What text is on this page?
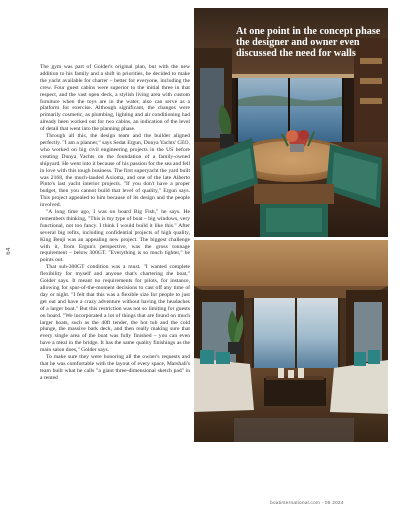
64

The gym was part of Golder's original plan, but with the new addition to his family and a shift in priorities, he decided to make the yacht available for charter – better for everyone, including the crew. Four guest cabins were superior to the initial three in that respect, and the vast open deck, a stylish living area with custom furniture when the toys are in the water, also can serve as a platform for exercise. Although significant, the changes were primarily cosmetic, as plumbing, lighting and air conditioning had already been worked out for two cabins, an indication of the level of detail that went into the planning phase.

Through all this, the design team and the builder aligned perfectly. "I am a planner," says Sedat Ergun, Dunya Yachts' CEO, who worked on big civil engineering projects in the US before creating Dunya Yachts on the foundation of a family-owned shipyard. He went into it because of his passion for the sea and fell in love with this tough business. The first superyacht the yard built was 2168, the much-lauded Axioma, and one of the late Alberto Pinto's last yacht interior projects. "If you don't have a proper budget, then you cannot build that level of quality," Ergun says. This project appealed to him because of its design and the people involved.

"A long time ago, I was on board Big Fish," he says. He remembers thinking, "This is my type of boat – big windows, very functional, not too fancy. I think I would build it like this." After several big refits, including confidential projects of high quality, King Benji was an appealing new project. The biggest challenge with it, from Ergun's perspective, was the gross tonnage requirement – below 300GT. "Everything is so much tighter," he points out.

That sub-300GT condition was a must. "I wanted complete flexibility for myself and anyone that's chartering the boat," Golder says. It meant no requirements for pilots, for instance, allowing for spur-of-the-moment decisions to cast off any time of day or night. "I felt that this was a flexible size for people to just get out and have a crazy adventure without having the headaches of a larger boat." But this restriction was not so limiting for guests on board. "We incorporated a lot of things that are found on much larger boats, such as the 40ft tender, the hot tub and the cold plunge, the massive bark deck, and then really making sure that every single area of the boat was fully finished – you can even have a meal in the bridge. It has the same quality finishings as the main salon does," Golder says.

To make sure they were honoring all the owner's requests and that he was comfortable with the layout of every space, Marshall's team built what he calls "a giant three-dimensional sketch pad" in a rented

At one point in the concept phase
the designer and owner even
discussed the need for walls
boatinternational.com · 05 2024
